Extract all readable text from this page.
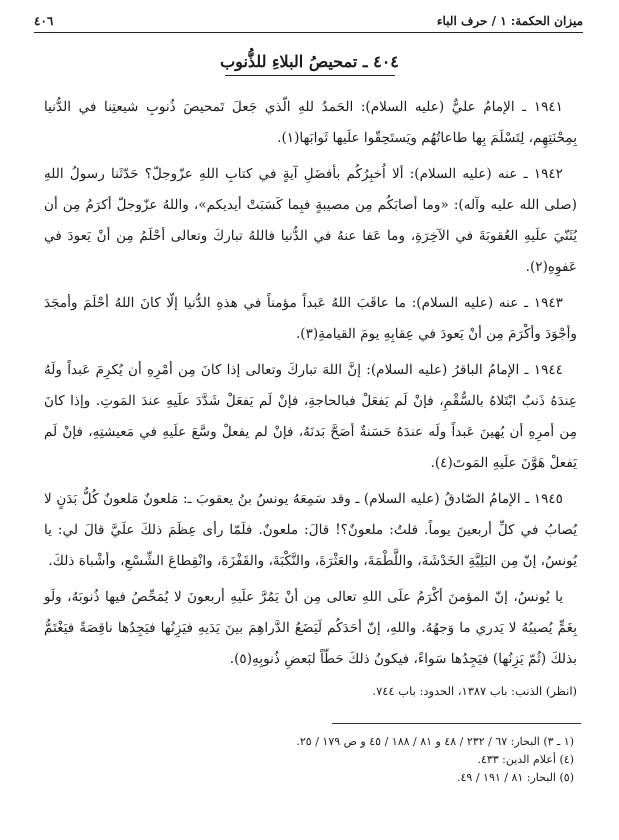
ميزان الحكمة: ١ / حرف الباء
٤٠٦
٤٠٤ ـ تمحيصُ البلاءِ للذُّنوب

١٩٤١ ـ الإمامُ عليٌّ (عليه السلام): الحَمدُ للهِ الّذي جَعلَ تَمحيصَ ذُنوبِ شيعتِنا في الدُّنيا بِمِحْنَتِهِم، لِتَسْلَمَ بِها طاعاتُهُم ويَستَحِقّوا علَيها ثَوابَها(١).

١٩٤٢ ـ عنه (عليه السلام): ألا اُخبِرُكُم بأفضَلِ آيةٍ في كتابِ اللهِ عزّوجلّ؟ حَدّثَنا رسولُ اللهِ (صلى الله عليه وآله): «وما أصابَكُم مِن مصيبةٍ فبِما كَسَبَتْ أيديكم»، واللهُ عزّوجلّ أكرَمُ مِن أن يُثَنّيَ علَيهِ العُقوبَةَ في الآخِرَةِ، وما عَفا عنهُ في الدُّنيا فاللهُ تباركَ وتعالى أحْلَمُ مِن أنْ يَعودَ في عَفوِهِ(٢).

١٩٤٣ ـ عنه (عليه السلام): ما عاقَبَ اللهُ عَبداً مؤمناً في هذهِ الدُّنيا إلّا كانَ اللهُ أحْلَمَ وأمجَدَ وأجْوَدَ وأكْرَمَ مِن أنْ يَعودَ في عِقابِهِ يومَ القيامةِ(٣).

١٩٤٤ ـ الإمامُ الباقرُ (عليه السلام): إنَّ اللهَ تباركَ وتعالى إذا كانَ مِن أمْرِهِ أن يُكرِمَ عَبداً ولَهُ عِندَهُ ذَنبٌ ابْتَلاهُ بالسُّقْمِ، فإنْ لَم يَفعَلْ فبالحاجةِ، فإنْ لَم يَفعَلْ شَدَّدَ علَيهِ عندَ المَوتِ. وإذا كانَ مِن أمرِهِ أن يُهينَ عَبداً ولَه عندَهُ حَسَنةٌ أصَحَّ بَدنَهُ، فإنْ لم يفعلْ وسَّعَ علَيهِ في مَعيشتِهِ، فإنْ لَم يَفعلْ هَوَّنَ علَيهِ المَوتَ(٤).

١٩٤٥ ـ الإمامُ الصّادقُ (عليه السلام) ـ وقد سَمِعَهُ يونسُ بنُ يعقوبَ ـ: مَلعونٌ مَلعونٌ كُلُّ بَدَنٍ لا يُصابُ في كلِّ أربعينَ يوماً. قلتُ: ملعونٌ؟! قالَ: ملعونٌ. فلَمّا رأى عِظَمَ ذلكَ علَيَّ قالَ لي: يا يُونسُ، إنّ مِن البَلِيَّةِ الخَدْشَةَ، واللَّطْمَةَ، والعَثْرَةَ، والنَّكْبَةَ، والقَفْزَةَ، وانْقِطاعَ الشِّسْعِ، وأشْباهَ ذلكَ.

يا يُونسُ، إنّ المؤمنَ أكْرَمُ علَى اللهِ تعالى مِن أنْ يَمُرَّ علَيهِ أربعونَ لا يُمَحِّصُ فيها ذُنوبَهُ، ولَو بِغَمٍّ يُصيبُهُ لا يَدري ما وَجهُهُ. واللهِ، إنّ أحَدَكُم لَيَضَعُ الدَّراهِمَ بينَ يَدَيهِ فيَزِنُها فيَجِدُها ناقِصَةً فيَغْتَمُّ بذلكَ (ثُمّ يَزِنُها) فيَجِدُها سَواءً، فيكونُ ذلكَ حَطّاً لبَعضِ ذُنوبِهِ(٥).

(انظر) الذنب: باب ١٣٨٧، الحدود: باب ٧٤٤.

(١ ـ ٣) البحار: ٦٧ / ٢٣٢ / ٤٨ و ٨١ / ١٨٨ / ٤٥ و ص ١٧٩ / ٢٥.
(٤) أعلام الدين: ٤٣٣.
(٥) البحار: ٨١ / ١٩١ / ٤٩.
